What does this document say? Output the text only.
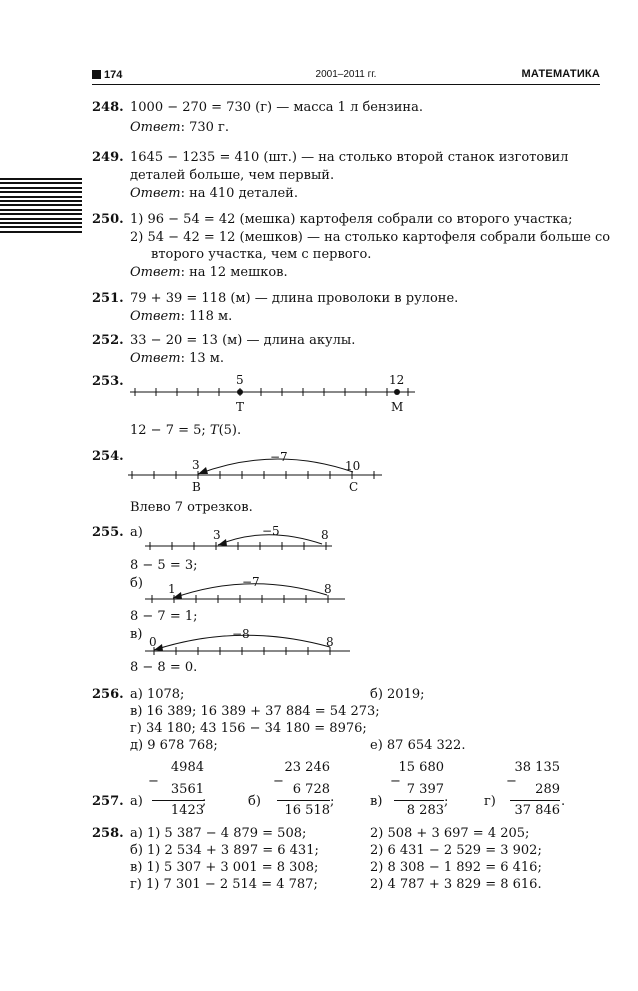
174	2001–2011 гг.	МАТЕМАТИКА
248. 1000 − 270 = 730 (г) — масса 1 л бензина.
Ответ: 730 г.
249. 1645 − 1235 = 410 (шт.) — на столько второй станок изготовил
деталей больше, чем первый.
Ответ: на 410 деталей.
250. 1) 96 − 54 = 42 (мешка) картофеля собрали со второго участка;
2) 54 − 42 = 12 (мешков) — на столько картофеля собрали больше со
второго участка, чем с первого.
Ответ: на 12 мешков.
251. 79 + 39 = 118 (м) — длина проволоки в рулоне.
Ответ: 118 м.
252. 33 − 20 = 13 (м) — длина акулы.
Ответ: 13 м.
253.	5	12
T	M
12 − 7 = 5; T(5).
254.
3	10
−7
B	C
Влево 7 отрезков.
255. а)	3	−5	8
8 − 5 = 3;
б) 1	−7	8
8 − 7 = 1;
в) 0
−8
8
8 − 8 = 0.
256. а) 1078;	б) 2019;
в) 16 389; 16 389 + 37 884 = 54 273;
г) 34 180; 43 156 − 34 180 = 8976;
д) 9 678 768;	е) 87 654 322.
257. а)
4984
−
3561
1423
;	б)
23 246
−
6 728
16 518
;	в)
15 680
−
7 397
8 283
;	г)
38 135
−
289
37 846
.
258. а) 1) 5 387 − 4 879 = 508;	2) 508 + 3 697 = 4 205;
б) 1) 2 534 + 3 897 = 6 431;	2) 6 431 − 2 529 = 3 902;
в) 1) 5 307 + 3 001 = 8 308;	2) 8 308 − 1 892 = 6 416;
г) 1) 7 301 − 2 514 = 4 787;	2) 4 787 + 3 829 = 8 616.
